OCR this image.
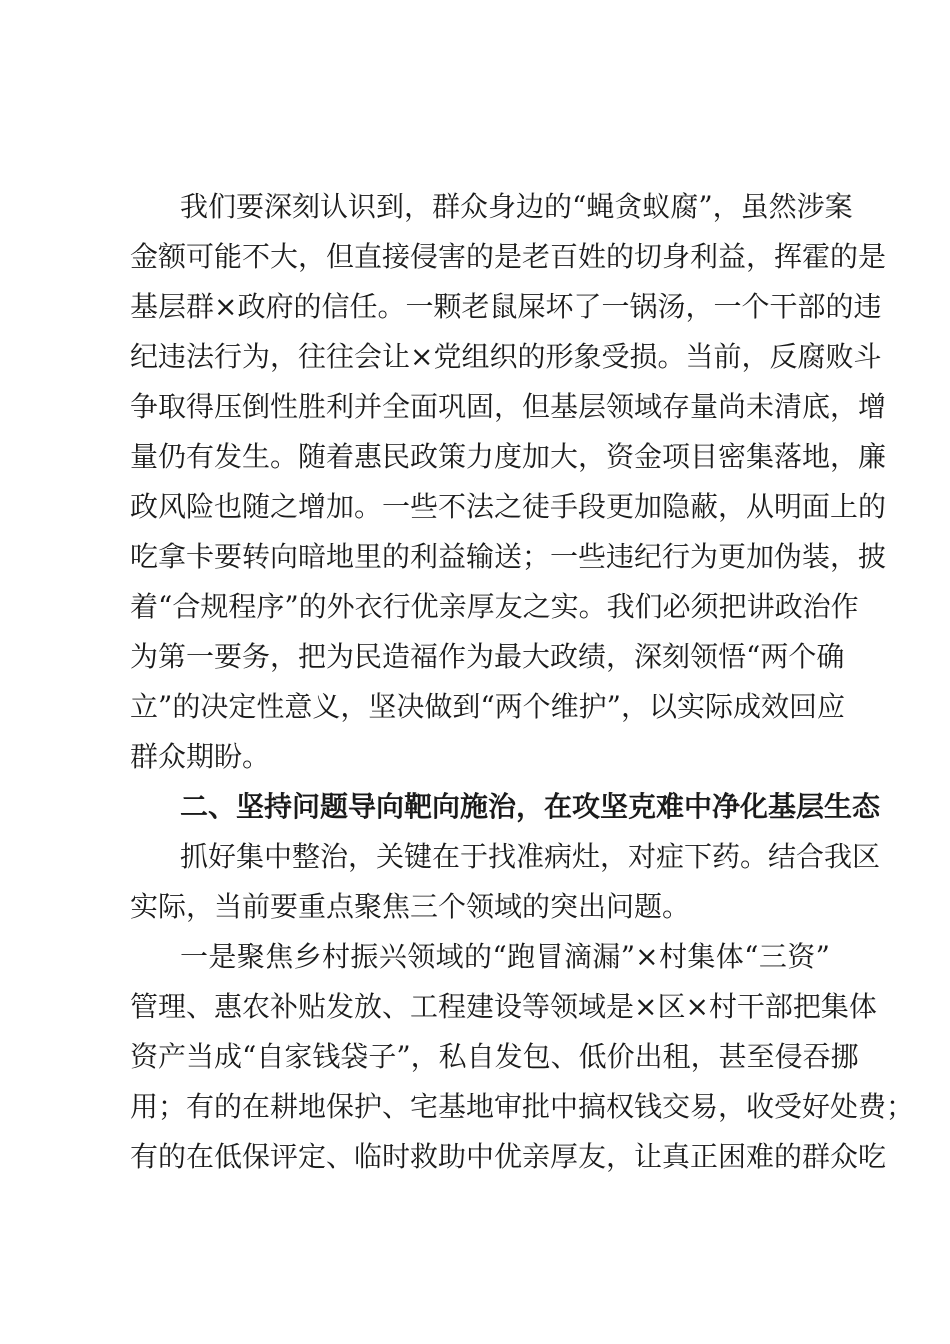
我们要深刻认识到，群众身边的“蝇贪蚁腐”，虽然涉案
金额可能不大，但直接侵害的是老百姓的切身利益，挥霍的是
基层群×政府的信任。一颗老鼠屎坏了一锅汤，一个干部的违
纪违法行为，往往会让×党组织的形象受损。当前，反腐败斗
争取得压倒性胜利并全面巩固，但基层领域存量尚未清底，增
量仍有发生。随着惠民政策力度加大，资金项目密集落地，廉
政风险也随之增加。一些不法之徒手段更加隐蔽，从明面上的
吃拿卡要转向暗地里的利益输送；一些违纪行为更加伪装，披
着“合规程序”的外衣行优亲厚友之实。我们必须把讲政治作
为第一要务，把为民造福作为最大政绩，深刻领悟“两个确
立”的决定性意义，坚决做到“两个维护”，以实际成效回应
群众期盼。
二、坚持问题导向靶向施治，在攻坚克难中净化基层生态
抓好集中整治，关键在于找准病灶，对症下药。结合我区
实际，当前要重点聚焦三个领域的突出问题。
一是聚焦乡村振兴领域的“跑冒滴漏”×村集体“三资”
管理、惠农补贴发放、工程建设等领域是×区×村干部把集体
资产当成“自家钱袋子”，私自发包、低价出租，甚至侵吞挪
用；有的在耕地保护、宅基地审批中搞权钱交易，收受好处费；
有的在低保评定、临时救助中优亲厚友，让真正困难的群众吃
